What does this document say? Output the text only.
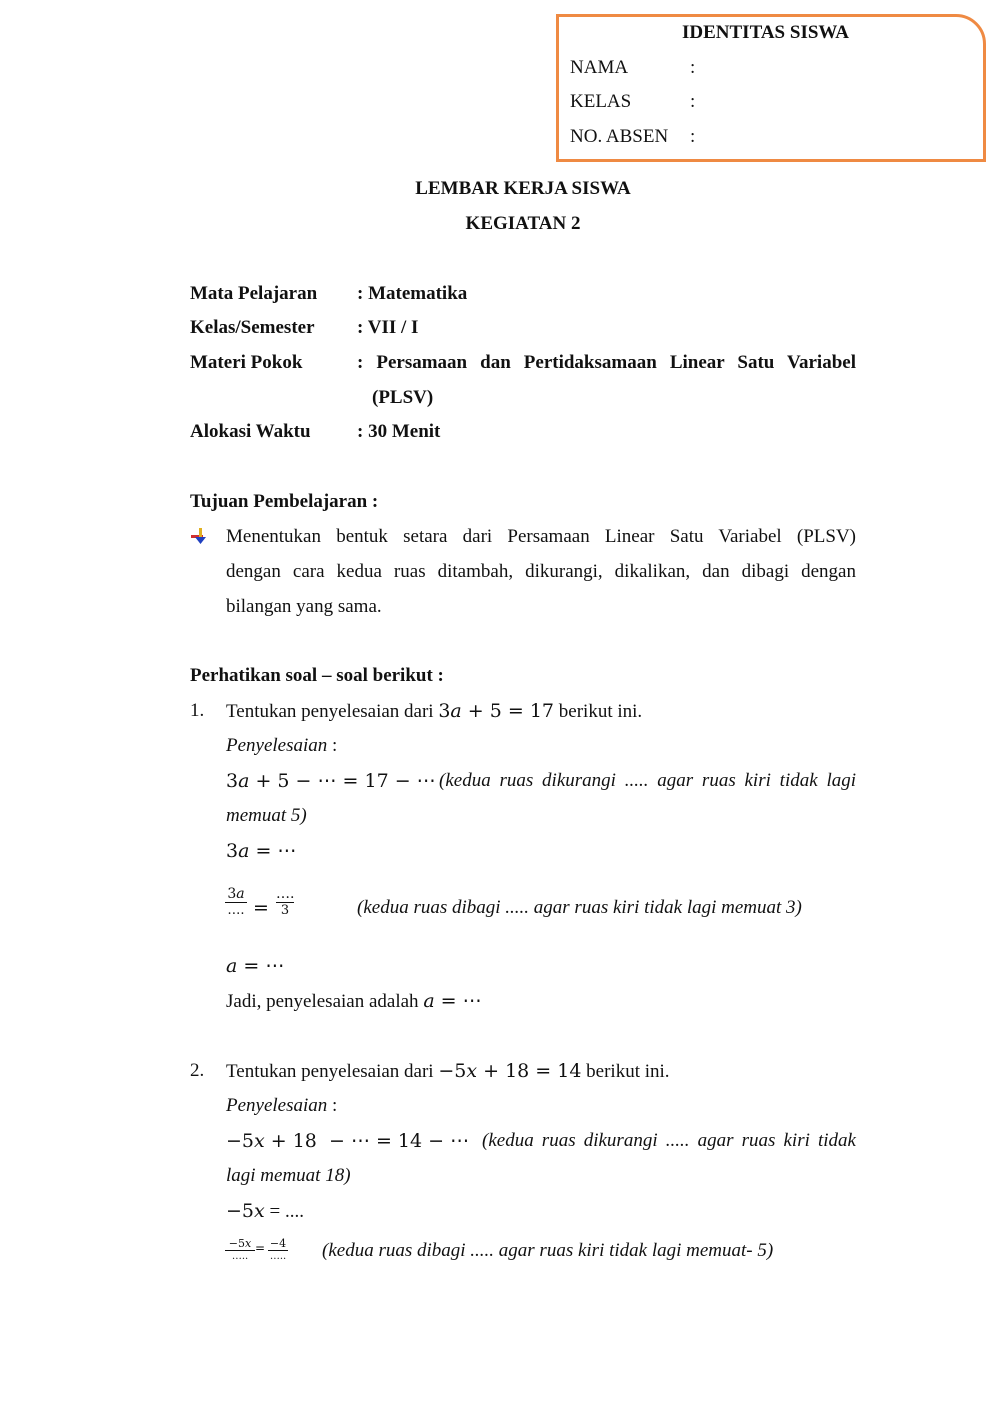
IDENTITAS SISWA
NAMA	:
KELAS	:
NO. ABSEN :
LEMBAR KERJA SISWA
KEGIATAN 2
Mata Pelajaran : Matematika
Kelas/Semester : VII / I
Materi Pokok	: Persamaan dan Pertidaksamaan Linear Satu Variabel
(PLSV)
Alokasi Waktu : 30 Menit
Tujuan Pembelajaran :
Menentukan bentuk setara dari Persamaan Linear Satu Variabel (PLSV)
dengan cara kedua ruas ditambah, dikurangi, dikalikan, dan dibagi dengan
bilangan yang sama.
Perhatikan soal – soal berikut :
1. Tentukan penyelesaian dari 3𝑎 + 5 = 17 berikut ini.
Penyelesaian :
3𝑎 + 5 − ⋯ = 17 − ⋯ (kedua ruas dikurangi ..... agar ruas kiri tidak lagi
memuat 5)
3𝑎 = ⋯
3𝑎
…. =
….
3	(kedua ruas dibagi ..... agar ruas kiri tidak lagi memuat 3)
𝑎 = ⋯
Jadi, penyelesaian adalah 𝑎 = ⋯
2. Tentukan penyelesaian dari −5𝑥 + 18 = 14 berikut ini.
Penyelesaian :
−5𝑥 + 18  − ⋯ = 14 − ⋯ (kedua ruas dikurangi ..... agar ruas kiri tidak
lagi memuat 18)
−5𝑥 = ....
−5𝑥
…..
= −4
….. (kedua ruas dibagi ..... agar ruas kiri tidak lagi memuat- 5)
